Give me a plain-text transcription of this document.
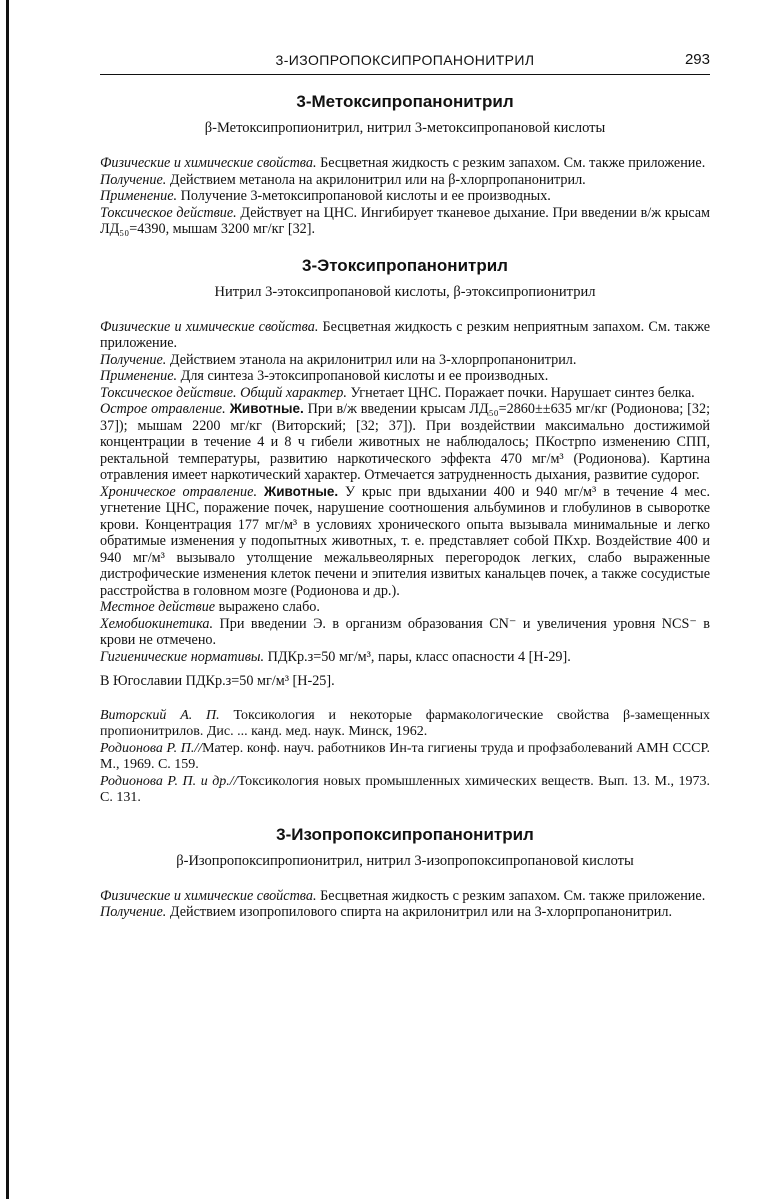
3-ИЗОПРОПОКСИПРОПАНОНИТРИЛ	293
3-Метоксипропанонитрил
β-Метоксипропионитрил, нитрил 3-метоксипропановой кислоты

Физические и химические свойства. Бесцветная жидкость с резким запахом. См. также приложение.

Получение. Действием метанола на акрилонитрил или на β-хлорпропанонитрил.

Применение. Получение 3-метоксипропановой кислоты и ее производных.

Токсическое действие. Действует на ЦНС. Ингибирует тканевое дыхание. При введении в/ж крысам ЛД₅₀=4390, мышам 3200 мг/кг [32].

3-Этоксипропанонитрил
Нитрил 3-этоксипропановой кислоты, β-этоксипропионитрил

Физические и химические свойства. Бесцветная жидкость с резким неприятным запахом. См. также приложение.

Получение. Действием этанола на акрилонитрил или на 3-хлорпропанонитрил.

Применение. Для синтеза 3-этоксипропановой кислоты и ее производных.

Токсическое действие. Общий характер. Угнетает ЦНС. Поражает почки. Нарушает синтез белка.

Острое отравление. Животные. При в/ж введении крысам ЛД₅₀=2860±±635 мг/кг (Родионова; [32; 37]); мышам 2200 мг/кг (Виторский; [32; 37]). При воздействии максимально достижимой концентрации в течение 4 и 8 ч гибели животных не наблюдалось; ПКострпо изменению СПП, ректальной температуры, развитию наркотического эффекта 470 мг/м³ (Родионова). Картина отравления имеет наркотический характер. Отмечается затрудненность дыхания, развитие судорог.

Хроническое отравление. Животные. У крыс при вдыхании 400 и 940 мг/м³ в течение 4 мес. угнетение ЦНС, поражение почек, нарушение соотношения альбуминов и глобулинов в сыворотке крови. Концентрация 177 мг/м³ в условиях хронического опыта вызывала минимальные и легко обратимые изменения у подопытных животных, т. е. представляет собой ПКхр. Воздействие 400 и 940 мг/м³ вызывало утолщение межальвеолярных перегородок легких, слабо выраженные дистрофические изменения клеток печени и эпителия извитых канальцев почек, а также сосудистые расстройства в головном мозге (Родионова и др.).

Местное действие выражено слабо.

Хемобиокинетика. При введении Э. в организм образования CN⁻ и увеличения уровня NCS⁻ в крови не отмечено.

Гигиенические нормативы. ПДКр.з=50 мг/м³, пары, класс опасности 4 [Н-29].

В Югославии ПДКр.з=50 мг/м³ [Н-25].

Виторский А. П. Токсикология и некоторые фармакологические свойства β-замещенных пропионитрилов. Дис. ... канд. мед. наук. Минск, 1962.

Родионова Р. П.//Матер. конф. науч. работников Ин-та гигиены труда и профзаболеваний АМН СССР. М., 1969. С. 159.

Родионова Р. П. и др.//Токсикология новых промышленных химических веществ. Вып. 13. М., 1973. С. 131.

3-Изопропоксипропанонитрил
β-Изопропоксипропионитрил, нитрил 3-изопропоксипропановой кислоты

Физические и химические свойства. Бесцветная жидкость с резким запахом. См. также приложение.

Получение. Действием изопропилового спирта на акрилонитрил или на 3-хлорпропанонитрил.
